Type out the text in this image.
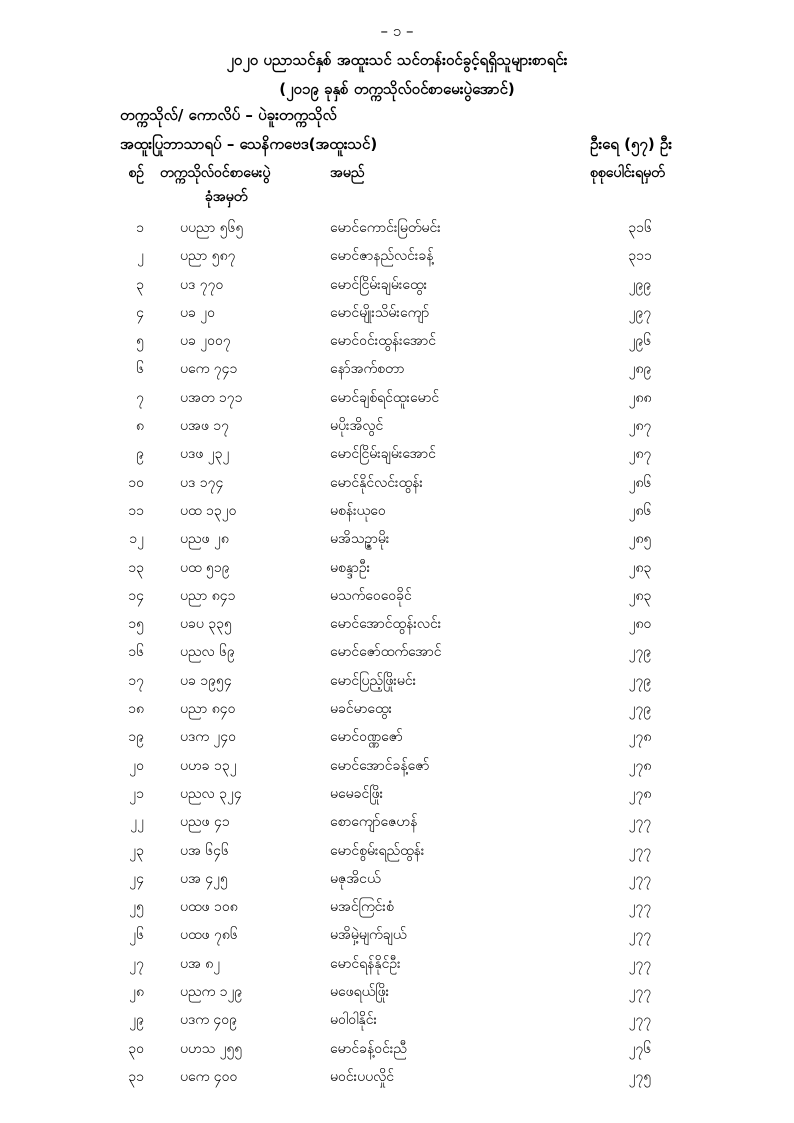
– ၁ –
၂၀၂၀ ပညာသင်နှစ် အထူးသင် သင်တန်းဝင်ခွင့်ရရှိသူများစာရင်း
(၂၀၁၉ ခုနှစ် တက္ကသိုလ်ဝင်စာမေးပွဲအောင်)
တက္ကသိုလ်/ ကောလိပ် – ပဲခူးတက္ကသိုလ်
အထူးပြုဘာသာရပ် – သေနိကဗေဒ(အထူးသင်)	ဦးရေ (၅၇) ဦး
စဉ် တက္ကသိုလ်ဝင်စာမေးပွဲ
ခုံအမှတ်
အမည်	စုစုပေါင်းရမှတ်
၁	ပပညာ ၅၆၅	မောင်ကောင်းမြတ်မင်း	၃၁၆
၂	ပညာ ၅၈၇	မောင်ဇာနည်လင်းခန့်	၃၁၁
၃	ပဒ ၇၇၀	မောင်ငြိမ်းချမ်းထွေး	၂၉၉
၄	ပခ ၂၀	မောင်မျိုးသိမ်းကျော်	၂၉၇
၅	ပခ ၂၀၀၇	မောင်ဝင်းထွန်းအောင်	၂၉၆
၆	ပကေ ၇၄၁	နော်အက်စတာ	၂၈၉
၇	ပအတ ၁၇၁	မောင်ချစ်ရင်ထူးမောင်	၂၈၈
၈	ပအဖ ၁၇	မပိုးအိလွင်	၂၈၇
၉	ပဒဖ ၂၃၂	မောင်ငြိမ်းချမ်းအောင်	၂၈၇
၁၀	ပဒ ၁၇၄	မောင်နိုင်လင်းထွန်း	၂၈၆
၁၁	ပထ ၁၃၂၀	မစန်းယုဝေ	၂၈၆
၁၂	ပညဖ ၂၈	မအိသဥ္ဇာမိုး	၂၈၅
၁၃	ပထ ၅၁၉	မစန္ဒာဦး	၂၈၃
၁၄	ပညာ ၈၄၁	မသက်ဝေဝေခိုင်	၂၈၃
၁၅	ပခပ ၃၃၅	မောင်အောင်ထွန်းလင်း	၂၈၀
၁၆	ပညလ ၆၉	မောင်ဇော်ထက်အောင်	၂၇၉
၁၇	ပခ ၁၉၅၄	မောင်ပြည့်ဖြိုးမင်း	၂၇၉
၁၈	ပညာ ၈၄၀	မခင်မာထွေး	၂၇၉
၁၉	ပဒက ၂၄၀	မောင်ဝဏ္ဏဇော်	၂၇၈
၂၀	ပဟခ ၁၃၂	မောင်အောင်ခန့်ဇော်	၂၇၈
၂၁	ပညလ ၃၂၄	မမေခင်ဖြိုး	၂၇၈
၂၂	ပညဖ ၄၁	စောကျော်ဇေဟန်	၂၇၇
၂၃	ပအ ၆၄၆	မောင်စွမ်းရည်ထွန်း	၂၇၇
၂၄	ပအ ၄၂၅	မဇုအိငယ်	၂၇၇
၂၅	ပထဖ ၁၀၈	မအင်ကြင်းစံ	၂၇၇
၂၆	ပထဖ ၇၈၆	မအိမှဲ့မျက်ချယ်	၂၇၇
၂၇	ပအ ၈၂	မောင်ရန်နိုင်ဦး	၂၇၇
၂၈	ပညက ၁၂၉	မဖေရယ်ဖြိုး	၂၇၇
၂၉	ပဒက ၄၀၉	မဝါဝါနိုင်း	၂၇၇
၃၀	ပဟသ ၂၅၅	မောင်ခန့်ဝင်းညီ	၂၇၆
၃၁	ပကေ ၄၀၀	မဝင်းပပလှိုင်	၂၇၅
